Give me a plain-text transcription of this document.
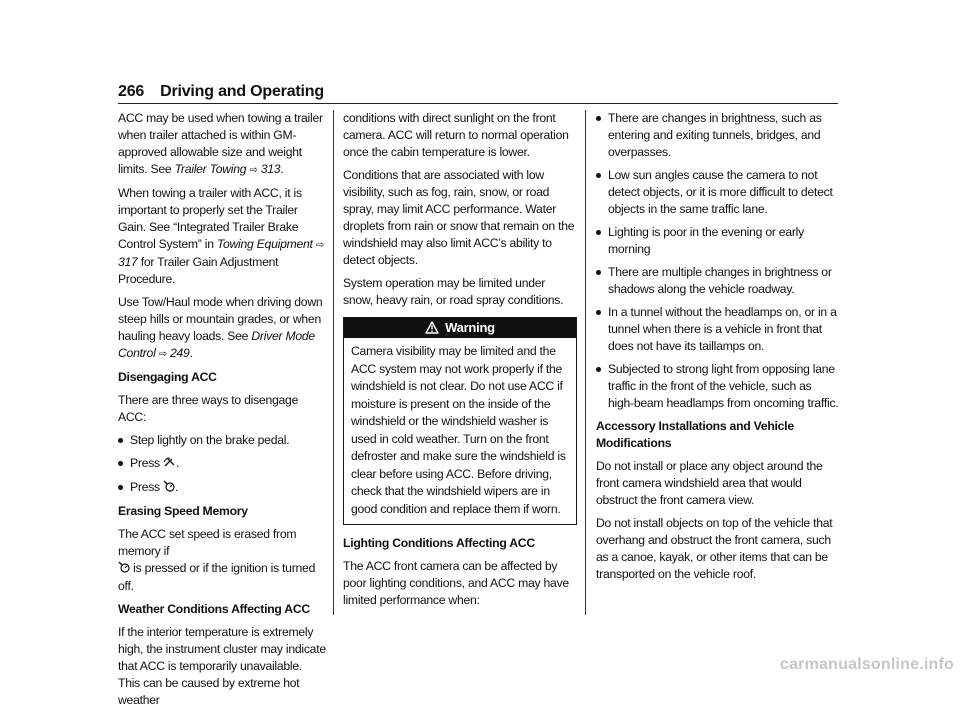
266 Driving and Operating

ACC may be used when towing a trailer when trailer attached is within GM-approved allowable size and weight limits. See Trailer Towing ⇨ 313.

When towing a trailer with ACC, it is important to properly set the Trailer Gain. See “Integrated Trailer Brake Control System” in Towing Equipment ⇨ 317 for Trailer Gain Adjustment Procedure.

Use Tow/Haul mode when driving down steep hills or mountain grades, or when hauling heavy loads. See Driver Mode Control ⇨ 249.

Disengaging ACC

There are three ways to disengage ACC:

Step lightly on the brake pedal.
Press .
Press .
Erasing Speed Memory

The ACC set speed is erased from memory if
is pressed or if the ignition is turned off.

Weather Conditions Affecting ACC

If the interior temperature is extremely high, the instrument cluster may indicate that ACC is temporarily unavailable. This can be caused by extreme hot weather

conditions with direct sunlight on the front camera. ACC will return to normal operation once the cabin temperature is lower.

Conditions that are associated with low visibility, such as fog, rain, snow, or road spray, may limit ACC performance. Water droplets from rain or snow that remain on the windshield may also limit ACC’s ability to detect objects.

System operation may be limited under snow, heavy rain, or road spray conditions.

Warning
Camera visibility may be limited and the ACC system may not work properly if the windshield is not clear. Do not use ACC if moisture is present on the inside of the windshield or the windshield washer is used in cold weather. Turn on the front defroster and make sure the windshield is clear before using ACC. Before driving, check that the windshield wipers are in good condition and replace them if worn.
Lighting Conditions Affecting ACC

The ACC front camera can be affected by poor lighting conditions, and ACC may have limited performance when:

There are changes in brightness, such as entering and exiting tunnels, bridges, and overpasses.
Low sun angles cause the camera to not detect objects, or it is more difficult to detect objects in the same traffic lane.
Lighting is poor in the evening or early morning
There are multiple changes in brightness or shadows along the vehicle roadway.
In a tunnel without the headlamps on, or in a tunnel when there is a vehicle in front that does not have its taillamps on.
Subjected to strong light from opposing lane traffic in the front of the vehicle, such as high-beam headlamps from oncoming traffic.
Accessory Installations and Vehicle Modifications

Do not install or place any object around the front camera windshield area that would obstruct the front camera view.

Do not install objects on top of the vehicle that overhang and obstruct the front camera, such as a canoe, kayak, or other items that can be transported on the vehicle roof.

carmanualsonline.info
